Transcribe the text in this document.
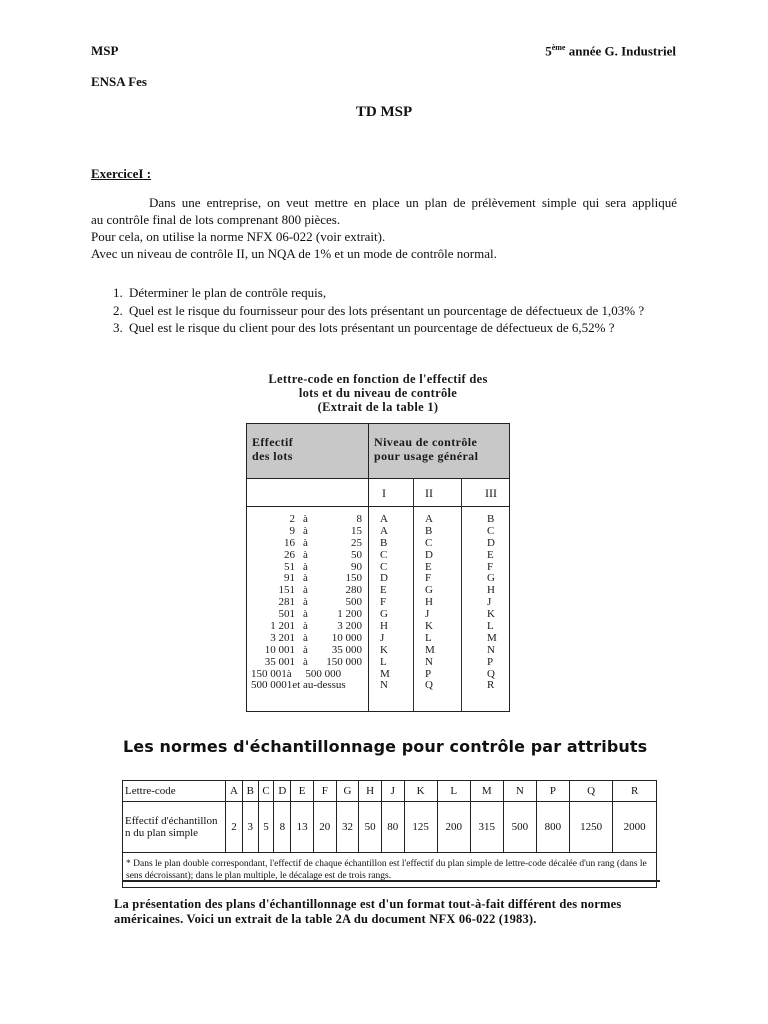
MSP	5ème année G. Industriel
ENSA Fes
TD MSP
ExerciceI :
Dans une entreprise, on veut mettre en place un plan de prélèvement simple qui sera appliqué
au contrôle final de lots comprenant 800 pièces.
Pour cela, on utilise la norme NFX 06-022 (voir extrait).
Avec un niveau de contrôle II, un NQA de 1% et un mode de contrôle normal.
1. Déterminer le plan de contrôle requis,
2. Quel est le risque du fournisseur pour des lots présentant un pourcentage de défectueux de 1,03% ?
3. Quel est le risque du client pour des lots présentant un pourcentage de défectueux de 6,52% ?
Lettre-code en fonction de l'effectif des
lots et du niveau de contrôle
(Extrait de la table 1)
Effectif
des lots
Niveau de contrôle
pour usage général
I	II	III
2 à	8 A	A	B
9 à	15 A	B	C
16 à	25 B	C	D
26 à	50 C	D	E
51 à	90 C	E	F
91 à	150 D	F	G
151 à	280 E	G	H
281 à	500 F	H	J
501 à	1 200 G	J	K
1 201 à	3 200 H	K	L
3 201 à	10 000 J	L	M
10 001 à	35 000 K	M	N
35 001 à	150 000 L	N	P
150 001à     500 000	M	P	Q
500 0001et au-dessus	N	Q	R
Les normes d'échantillonnage pour contrôle par attributs
Lettre-code	A	B	C	D	E	F	G	H	J	K	L	M	N	P	Q	R
Effectif d'échantillon n du plan simple	2	3	5	8	13	20	32	50	80	125	200	315	500	800	1250	2000
* Dans le plan double correspondant, l'effectif de chaque échantillon est l'effectif du plan simple de lettre-code décalée d'un rang (dans le sens décroissant); dans le plan multiple, le décalage est de trois rangs.																
La présentation des plans d'échantillonnage est d'un format tout-à-fait différent des normes
américaines. Voici un extrait de la table 2A du document NFX 06-022 (1983).
